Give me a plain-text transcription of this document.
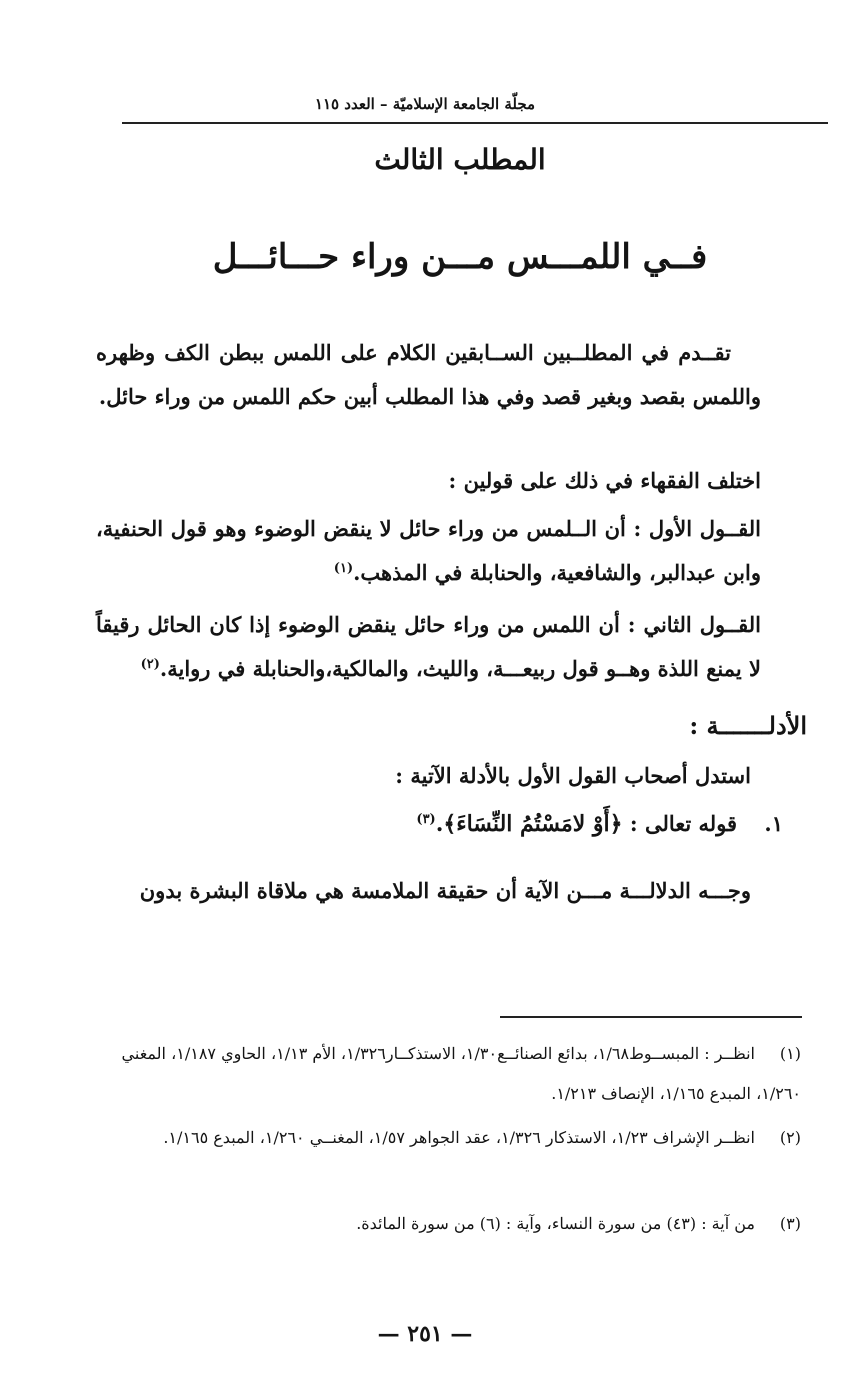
مجلّة الجامعة الإسلاميّة – العدد ١١٥
المطلب الثالث
فــي اللمـــس مـــن وراء حـــائـــل

تقــدم في المطلــبين الســابقين الكلام على اللمس ببطن الكف وظهره واللمس بقصد وبغير قصد وفي هذا المطلب أبين حكم اللمس من وراء حائل.

اختلف الفقهاء في ذلك على قولين :

القــول الأول : أن الــلمس من وراء حائل لا ينقض الوضوء وهو قول الحنفية، وابن عبدالبر، والشافعية، والحنابلة في المذهب.$^{(١)}$

القــول الثاني : أن اللمس من وراء حائل ينقض الوضوء إذا كان الحائل رقيقاً لا يمنع اللذة وهــو قول ربيعـــة، والليث، والمالكية،والحنابلة في رواية.$^{(٢)}$

الأدلـــــــة :
استدل أصحاب القول الأول بالأدلة الآتية :
١. قوله تعالى : ﴿أَوْ لامَسْتُمُ النِّسَاءَ﴾.$^{(٣)}$

وجـــه الدلالـــة مـــن الآية أن حقيقة الملامسة هي ملاقاة البشرة بدون

(١)انظــر : المبســوط١/٦٨، بدائع الصنائــع١/٣٠، الاستذكــار١/٣٢٦، الأم ١/١٣، الحاوي ١/١٨٧، المغني ١/٢٦٠، المبدع ١/١٦٥، الإنصاف ١/٢١٣.
(٢)انظــر الإشراف ١/٢٣، الاستذكار ١/٣٢٦، عقد الجواهر ١/٥٧، المغنــي ١/٢٦٠، المبدع ١/١٦٥.
(٣)من آية : (٤٣) من سورة النساء، وآية : (٦) من سورة المائدة.
— ٢٥١ —
